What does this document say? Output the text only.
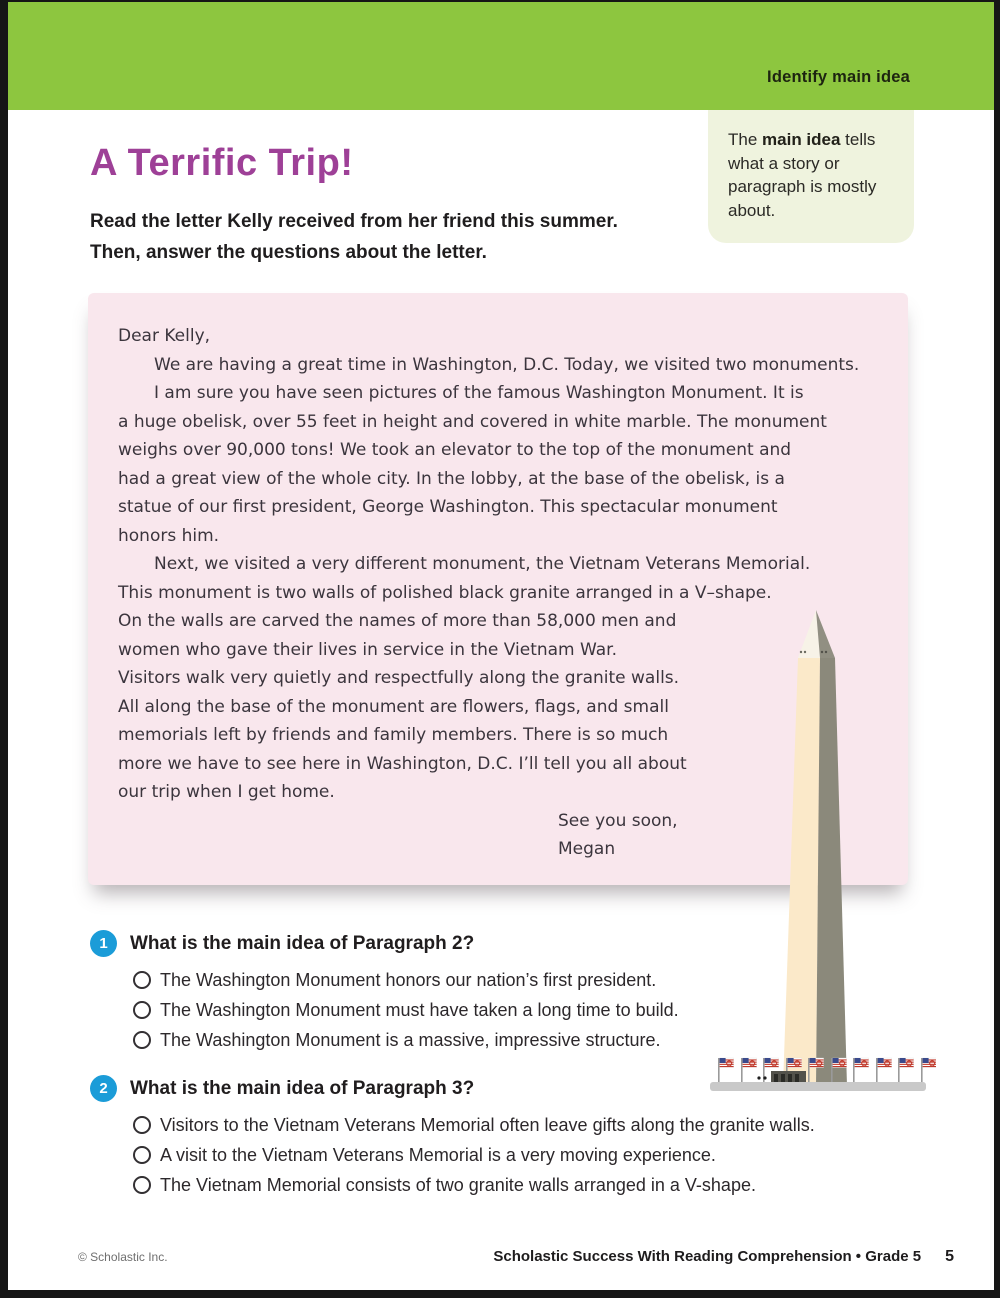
Identify main idea
The main idea tells what a story or paragraph is mostly about.
A Terrific Trip!
Read the letter Kelly received from her friend this summer.
Then, answer the questions about the letter.
Dear Kelly,
We are having a great time in Washington, D.C. Today, we visited two monuments.
I am sure you have seen pictures of the famous Washington Monument. It is
a huge obelisk, over 55 feet in height and covered in white marble. The monument
weighs over 90,000 tons! We took an elevator to the top of the monument and
had a great view of the whole city. In the lobby, at the base of the obelisk, is a
statue of our first president, George Washington. This spectacular monument
honors him.
Next, we visited a very different monument, the Vietnam Veterans Memorial.
This monument is two walls of polished black granite arranged in a V–shape.
On the walls are carved the names of more than 58,000 men and
women who gave their lives in service in the Vietnam War.
Visitors walk very quietly and respectfully along the granite walls.
All along the base of the monument are flowers, flags, and small
memorials left by friends and family members. There is so much
more we have to see here in Washington, D.C. I’ll tell you all about
our trip when I get home.
See you soon,
Megan
1	What is the main idea of Paragraph 2?
The Washington Monument honors our nation’s first president.
The Washington Monument must have taken a long time to build.
The Washington Monument is a massive, impressive structure.
2	What is the main idea of Paragraph 3?
Visitors to the Vietnam Veterans Memorial often leave gifts along the granite walls.
A visit to the Vietnam Veterans Memorial is a very moving experience.
The Vietnam Memorial consists of two granite walls arranged in a V-shape.
© Scholastic Inc.	Scholastic Success With Reading Comprehension • Grade 5 5
